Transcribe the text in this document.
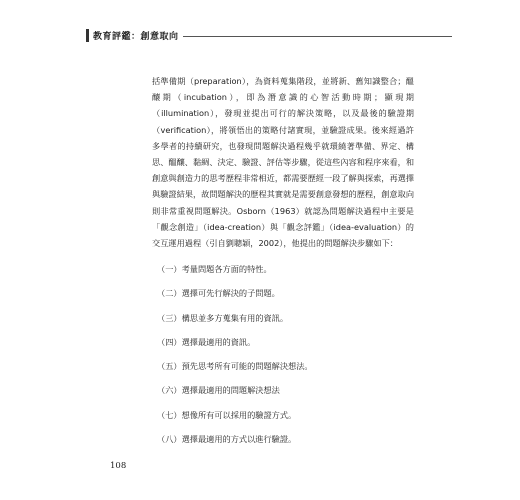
教育評鑑：創意取向

括準備期（preparation），為資料蒐集階段，並將新、舊知識整合；醞釀期（incubation），即為潛意識的心智活動時期；顯現期（illumination），發現並提出可行的解決策略，以及最後的驗證期（verification），將領悟出的策略付諸實現，並驗證成果。後來經過許多學者的持續研究，也發現問題解決過程幾乎就環繞著準備、界定、構思、醞釀、黏綢、決定、驗證、評估等步驟，從這些內容和程序來看，和創意與創造力的思考歷程非常相近，都需要歷經一段了解與探索，再選擇與驗證結果，故問題解決的歷程其實就是需要創意發想的歷程，創意取向則非常重視問題解決。Osborn（1963）就認為問題解決過程中主要是「觀念創造」（idea-creation）與「觀念評鑑」（idea-evaluation）的交互運用過程（引自劉聰穎，2002），他提出的問題解決步驟如下：

（一）考量問題各方面的特性。
（二）選擇可先行解決的子問題。
（三）構思並多方蒐集有用的資訊。
（四）選擇最適用的資訊。
（五）預先思考所有可能的問題解決想法。
（六）選擇最適用的問題解決想法
（七）想像所有可以採用的驗證方式。
（八）選擇最適用的方式以進行驗證。
108
